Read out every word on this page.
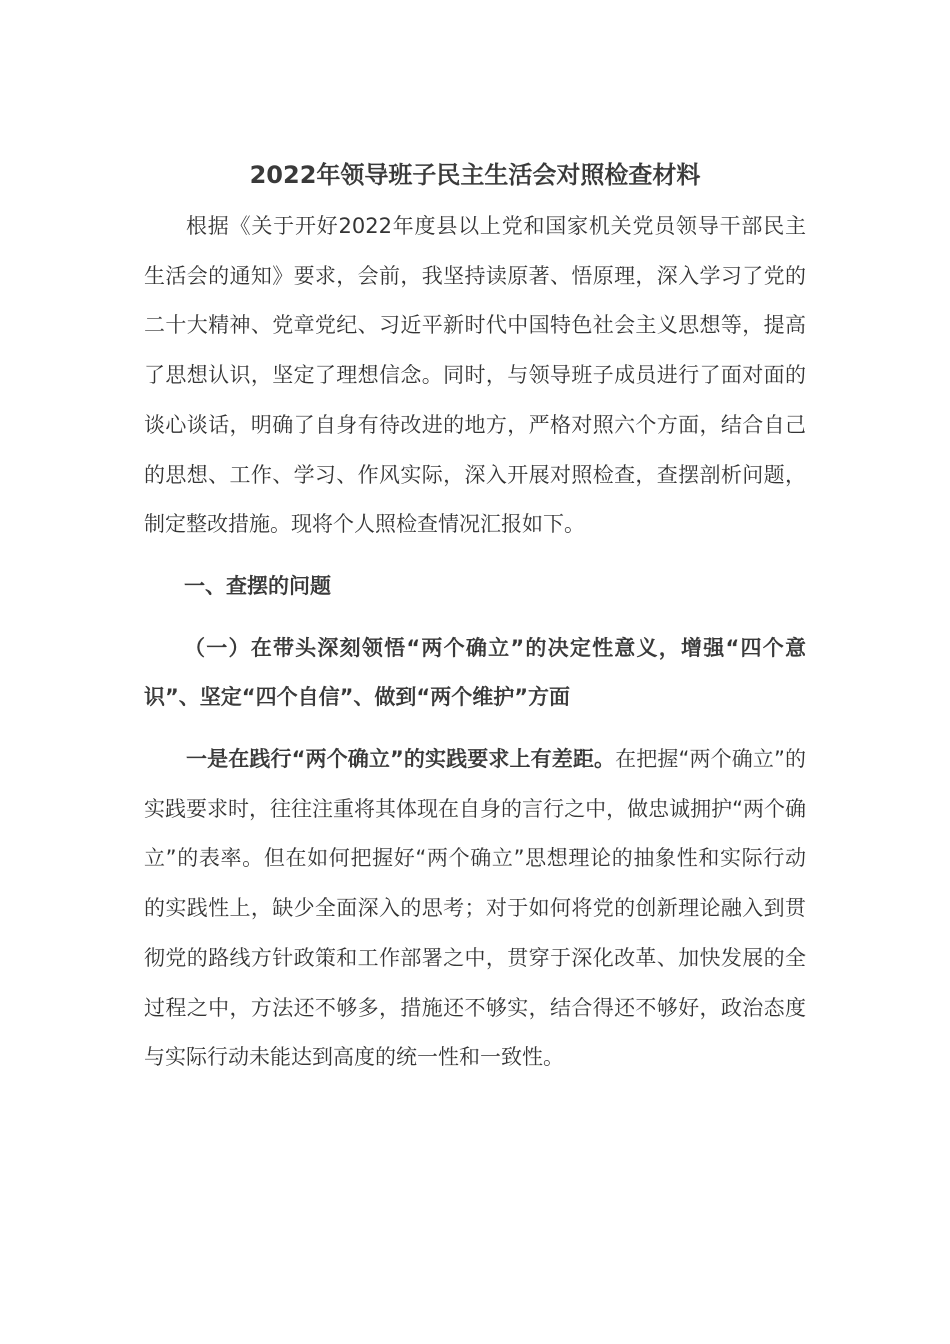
2022年领导班子民主生活会对照检查材料

根据《关于开好2022年度县以上党和国家机关党员领导干部民主生活会的通知》要求，会前，我坚持读原著、悟原理，深入学习了党的二十大精神、党章党纪、习近平新时代中国特色社会主义思想等，提高了思想认识，坚定了理想信念。同时，与领导班子成员进行了面对面的谈心谈话，明确了自身有待改进的地方，严格对照六个方面，结合自己的思想、工作、学习、作风实际，深入开展对照检查，查摆剖析问题，制定整改措施。现将个人照检查情况汇报如下。

一、查摆的问题

（一）在带头深刻领悟“两个确立”的决定性意义，增强“四个意识”、坚定“四个自信”、做到“两个维护”方面

一是在践行“两个确立”的实践要求上有差距。在把握“两个确立”的实践要求时，往往注重将其体现在自身的言行之中，做忠诚拥护“两个确立”的表率。但在如何把握好“两个确立”思想理论的抽象性和实际行动的实践性上，缺少全面深入的思考；对于如何将党的创新理论融入到贯彻党的路线方针政策和工作部署之中，贯穿于深化改革、加快发展的全过程之中，方法还不够多，措施还不够实，结合得还不够好，政治态度与实际行动未能达到高度的统一性和一致性。
